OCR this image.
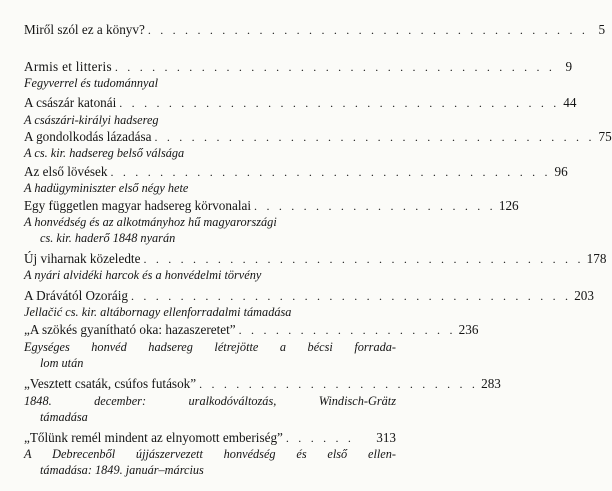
Miről szól ez a könyv? . . . . . . . . . . . . . . . . . . . . . . . . . . . . . . . . . . . . 5
Armis et litteris . . . . . . . . . . . . . . . . . . . . . . . . . . . . . . . . . . . . 9
Fegyverrel és tudománnyal
A császár katonái . . . . . . . . . . . . . . . . . . . . . . . . . . . . . . . . . . . . 44
A császári-királyi hadsereg
A gondolkodás lázadása . . . . . . . . . . . . . . . . . . . . . . . . . . . . . . . . . . . . 75
A cs. kir. hadsereg belső válsága
Az első lövések . . . . . . . . . . . . . . . . . . . . . . . . . . . . . . . . . . . . 96
A hadügyminiszter első négy hete
Egy független magyar hadsereg körvonalai . . . . . . . . . . . . . . . . . . . . 126
A honvédség és az alkotmányhoz hű magyarországi
cs. kir. haderő 1848 nyarán
Új viharnak közeledte . . . . . . . . . . . . . . . . . . . . . . . . . . . . . . . . . . . . 178
A nyári alvidéki harcok és a honvédelmi törvény
A Drávától Ozoráig . . . . . . . . . . . . . . . . . . . . . . . . . . . . . . . . . . . . 203
Jellačić cs. kir. altábornagy ellenforradalmi támadása
„A szökés gyanítható oka: hazaszeretet” . . . . . . . . . . . . . . . . . . 236
Egységes honvéd hadsereg létrejötte a bécsi forrada-
lom után
„Vesztett csaták, csúfos futások” . . . . . . . . . . . . . . . . . . . . . . . 283
1848. december: uralkodóváltozás, Windisch-Grätz
támadása
„Tőlünk remél mindent az elnyomott emberiség” . . . . . .	313
A Debrecenből újjászervezett honvédség és első ellen-
támadása: 1849. január–március
